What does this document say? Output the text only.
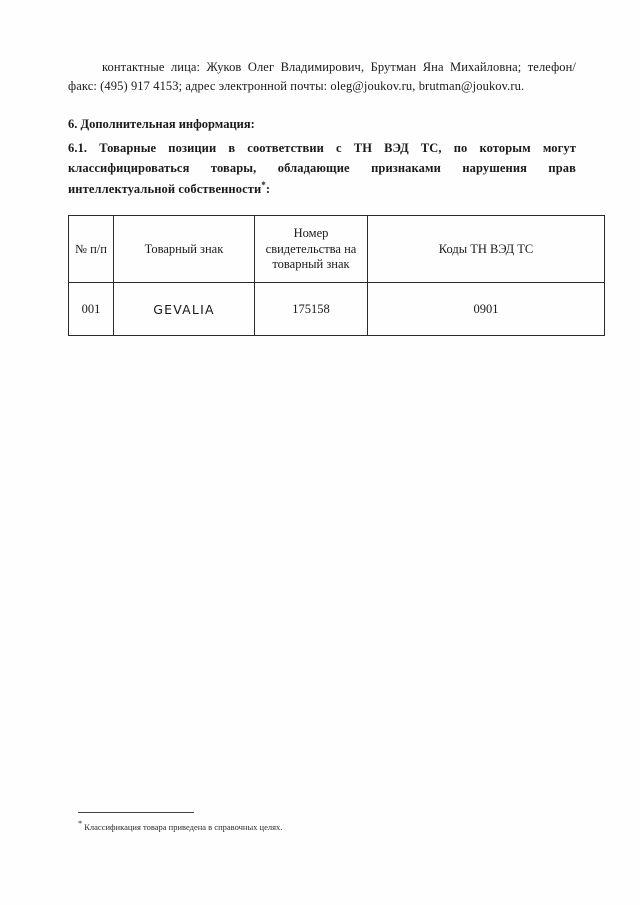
контактные лица: Жуков Олег Владимирович, Брутман Яна Михайловна; телефон/факс: (495) 917 4153; адрес электронной почты: oleg@joukov.ru, brutman@joukov.ru.

6. Дополнительная информация:

6.1. Товарные позиции в соответствии с ТН ВЭД ТС, по которым могут классифицироваться товары, обладающие признаками нарушения прав интеллектуальной собственности*:

№ п/п	Товарный знак	Номер свидетельства на товарный знак	Коды ТН ВЭД ТС
001	GEVALIA	175158	0901
* Классификация товара приведена в справочных целях.
